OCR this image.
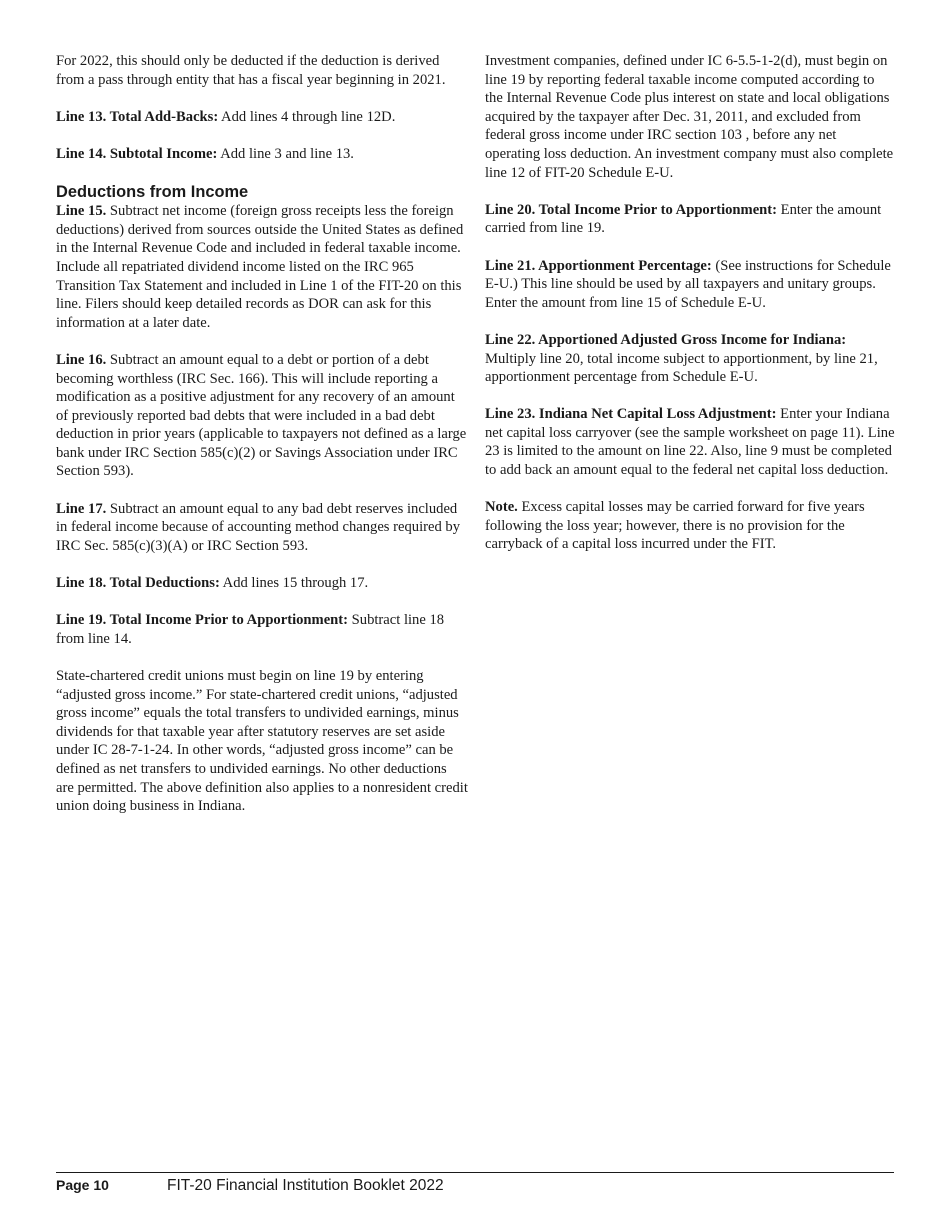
For 2022, this should only be deducted if the deduction is derived from a pass through entity that has a fiscal year beginning in 2021.

Line 13. Total Add-Backs: Add lines 4 through line 12D.

Line 14. Subtotal Income: Add line 3 and line 13.

Deductions from Income

Line 15. Subtract net income (foreign gross receipts less the foreign deductions) derived from sources outside the United States as defined in the Internal Revenue Code and included in federal taxable income. Include all repatriated dividend income listed on the IRC 965 Transition Tax Statement and included in Line 1 of the FIT-20 on this line. Filers should keep detailed records as DOR can ask for this information at a later date.

Line 16. Subtract an amount equal to a debt or portion of a debt becoming worthless (IRC Sec. 166). This will include reporting a modification as a positive adjustment for any recovery of an amount of previously reported bad debts that were included in a bad debt deduction in prior years (applicable to taxpayers not defined as a large bank under IRC Section 585(c)(2) or Savings Association under IRC Section 593).

Line 17. Subtract an amount equal to any bad debt reserves included in federal income because of accounting method changes required by IRC Sec. 585(c)(3)(A) or IRC Section 593.

Line 18. Total Deductions: Add lines 15 through 17.

Line 19. Total Income Prior to Apportionment: Subtract line 18 from line 14.

State-chartered credit unions must begin on line 19 by entering “adjusted gross income.” For state-chartered credit unions, “adjusted gross income” equals the total transfers to undivided earnings, minus dividends for that taxable year after statutory reserves are set aside under IC 28-7-1-24. In other words, “adjusted gross income” can be defined as net transfers to undivided earnings. No other deductions are permitted. The above definition also applies to a nonresident credit union doing business in Indiana.

Investment companies, defined under IC 6-5.5-1-2(d), must begin on line 19 by reporting federal taxable income computed according to the Internal Revenue Code plus interest on state and local obligations acquired by the taxpayer after Dec. 31, 2011, and excluded from federal gross income under IRC section 103 , before any net operating loss deduction. An investment company must also complete line 12 of FIT-20 Schedule E-U.

Line 20. Total Income Prior to Apportionment: Enter the amount carried from line 19.

Line 21. Apportionment Percentage: (See instructions for Schedule E-U.) This line should be used by all taxpayers and unitary groups. Enter the amount from line 15 of Schedule E-U.

Line 22. Apportioned Adjusted Gross Income for Indiana: Multiply line 20, total income subject to apportionment, by line 21, apportionment percentage from Schedule E-U.

Line 23. Indiana Net Capital Loss Adjustment: Enter your Indiana net capital loss carryover (see the sample worksheet on page 11). Line 23 is limited to the amount on line 22. Also, line 9 must be completed to add back an amount equal to the federal net capital loss deduction.

Note. Excess capital losses may be carried forward for five years following the loss year; however, there is no provision for the carryback of a capital loss incurred under the FIT.

Page 10	FIT-20 Financial Institution Booklet 2022
